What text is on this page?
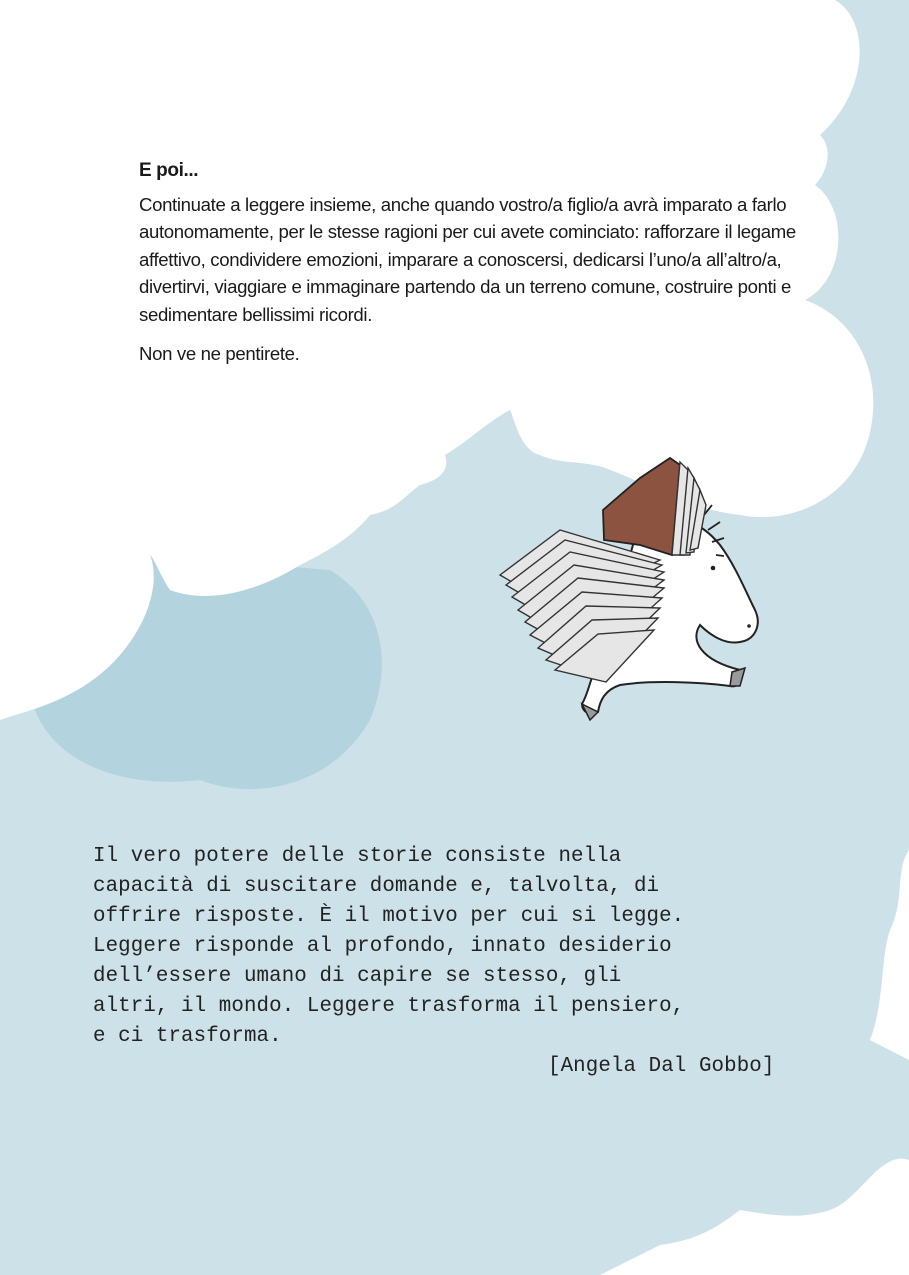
E poi...

Continuate a leggere insieme, anche quando vostro/a figlio/a avrà imparato a farlo autonomamente, per le stesse ragioni per cui avete cominciato: rafforzare il legame affettivo, condividere emozioni, imparare a conoscersi, dedicarsi l’uno/a all’altro/a, divertirvi, viaggiare e immaginare partendo da un terreno comune, costruire ponti e sedimentare bellissimi ricordi.

Non ve ne pentirete.

Il vero potere delle storie consiste nella
capacità di suscitare domande e, talvolta, di
offrire risposte. È il motivo per cui si legge.
Leggere risponde al profondo, innato desiderio
dell’essere umano di capire se stesso, gli
altri, il mondo. Leggere trasforma il pensiero,
e ci trasforma.
[Angela Dal Gobbo]
